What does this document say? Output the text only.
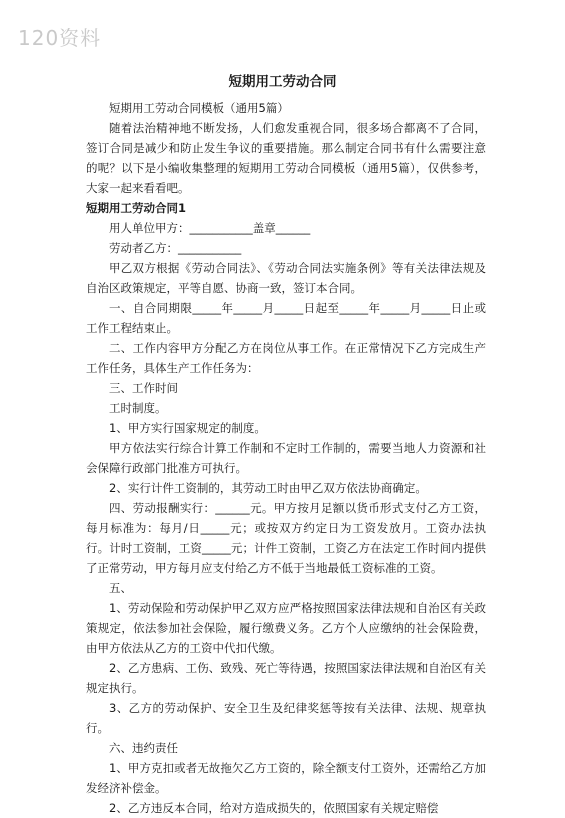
120资料
短期用工劳动合同

短期用工劳动合同模板（通用5篇）

随着法治精神地不断发扬，人们愈发重视合同，很多场合都离不了合同，签订合同是减少和防止发生争议的重要措施。那么制定合同书有什么需要注意的呢？以下是小编收集整理的短期用工劳动合同模板（通用5篇），仅供参考，大家一起来看看吧。

短期用工劳动合同1

用人单位甲方：___________盖章______

劳动者乙方：___________

甲乙双方根据《劳动合同法》、《劳动合同法实施条例》等有关法律法规及自治区政策规定，平等自愿、协商一致，签订本合同。

一、自合同期限_____年_____月_____日起至_____年_____月_____日止或工作工程结束止。

二、工作内容甲方分配乙方在岗位从事工作。在正常情况下乙方完成生产工作任务，具体生产工作任务为：

三、工作时间

工时制度。

1、甲方实行国家规定的制度。

甲方依法实行综合计算工作制和不定时工作制的，需要当地人力资源和社会保障行政部门批准方可执行。

2、实行计件工资制的，其劳动工时由甲乙双方依法协商确定。

四、劳动报酬实行：______元。甲方按月足额以货币形式支付乙方工资，每月标准为：每月/日_____元；或按双方约定日为工资发放月。工资办法执行。计时工资制，工资_____元；计件工资制，工资乙方在法定工作时间内提供了正常劳动，甲方每月应支付给乙方不低于当地最低工资标准的工资。

五、

1、劳动保险和劳动保护甲乙双方应严格按照国家法律法规和自治区有关政策规定，依法参加社会保险，履行缴费义务。乙方个人应缴纳的社会保险费，由甲方依法从乙方的工资中代扣代缴。

2、乙方患病、工伤、致残、死亡等待遇，按照国家法律法规和自治区有关规定执行。

3、乙方的劳动保护、安全卫生及纪律奖惩等按有关法律、法规、规章执行。

六、违约责任

1、甲方克扣或者无故拖欠乙方工资的，除全额支付工资外，还需给乙方加发经济补偿金。

2、乙方违反本合同，给对方造成损失的，依照国家有关规定赔偿
